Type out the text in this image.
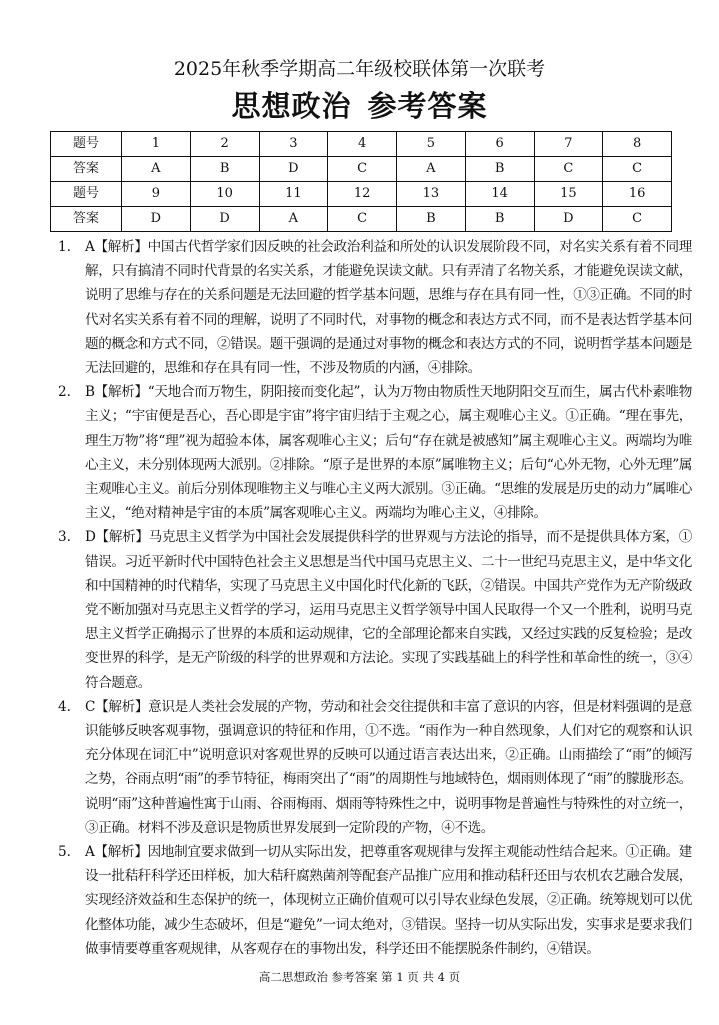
2025年秋季学期高二年级校联体第一次联考
思想政治 参考答案
题号	1	2	3	4	5	6	7	8
答案	A	B	D	C	A	B	C	C
题号	9	10	11	12	13	14	15	16
答案	D	D	A	C	B	B	D	C
1.	A【解析】中国古代哲学家们因反映的社会政治利益和所处的认识发展阶段不同，对名实关系有着不同理解，只有搞清不同时代背景的名实关系，才能避免误读文献。只有弄清了名物关系，才能避免误读文献，说明了思维与存在的关系问题是无法回避的哲学基本问题，思维与存在具有同一性，①③正确。不同的时代对名实关系有着不同的理解，说明了不同时代，对事物的概念和表达方式不同，而不是表达哲学基本问题的概念和方式不同，②错误。题干强调的是通过对事物的概念和表达方式的不同，说明哲学基本问题是无法回避的，思维和存在具有同一性，不涉及物质的内涵，④排除。
2.	B【解析】“天地合而万物生，阴阳接而变化起”，认为万物由物质性天地阴阳交互而生，属古代朴素唯物主义；“宇宙便是吾心，吾心即是宇宙”将宇宙归结于主观之心，属主观唯心主义。①正确。“理在事先，理生万物”将“理”视为超验本体，属客观唯心主义；后句“存在就是被感知”属主观唯心主义。两端均为唯心主义，未分别体现两大派别。②排除。“原子是世界的本原”属唯物主义；后句“心外无物，心外无理”属主观唯心主义。前后分别体现唯物主义与唯心主义两大派别。③正确。“思维的发展是历史的动力”属唯心主义，“绝对精神是宇宙的本质”属客观唯心主义。两端均为唯心主义，④排除。
3.	D【解析】马克思主义哲学为中国社会发展提供科学的世界观与方法论的指导，而不是提供具体方案，①错误。习近平新时代中国特色社会主义思想是当代中国马克思主义、二十一世纪马克思主义，是中华文化和中国精神的时代精华，实现了马克思主义中国化时代化新的飞跃，②错误。中国共产党作为无产阶级政党不断加强对马克思主义哲学的学习，运用马克思主义哲学领导中国人民取得一个又一个胜利，说明马克思主义哲学正确揭示了世界的本质和运动规律，它的全部理论都来自实践，又经过实践的反复检验；是改变世界的科学，是无产阶级的科学的世界观和方法论。实现了实践基础上的科学性和革命性的统一，③④符合题意。
4.	C【解析】意识是人类社会发展的产物，劳动和社会交往提供和丰富了意识的内容，但是材料强调的是意识能够反映客观事物，强调意识的特征和作用，①不选。“雨作为一种自然现象，人们对它的观察和认识充分体现在词汇中”说明意识对客观世界的反映可以通过语言表达出来，②正确。山雨描绘了“雨”的倾泻之势，谷雨点明“雨”的季节特征，梅雨突出了“雨”的周期性与地域特色，烟雨则体现了“雨”的朦胧形态。说明“雨”这种普遍性寓于山雨、谷雨梅雨、烟雨等特殊性之中，说明事物是普遍性与特殊性的对立统一，③正确。材料不涉及意识是物质世界发展到一定阶段的产物，④不选。
5.	A【解析】因地制宜要求做到一切从实际出发，把尊重客观规律与发挥主观能动性结合起来。①正确。建设一批秸秆科学还田样板，加大秸秆腐熟菌剂等配套产品推广应用和推动秸秆还田与农机农艺融合发展，实现经济效益和生态保护的统一，体现树立正确价值观可以引导农业绿色发展，②正确。统筹规划可以优化整体功能，减少生态破坏，但是“避免”一词太绝对，③错误。坚持一切从实际出发，实事求是要求我们做事情要尊重客观规律，从客观存在的事物出发，科学还田不能摆脱条件制约，④错误。
高二思想政治 参考答案 第 1 页 共 4 页
